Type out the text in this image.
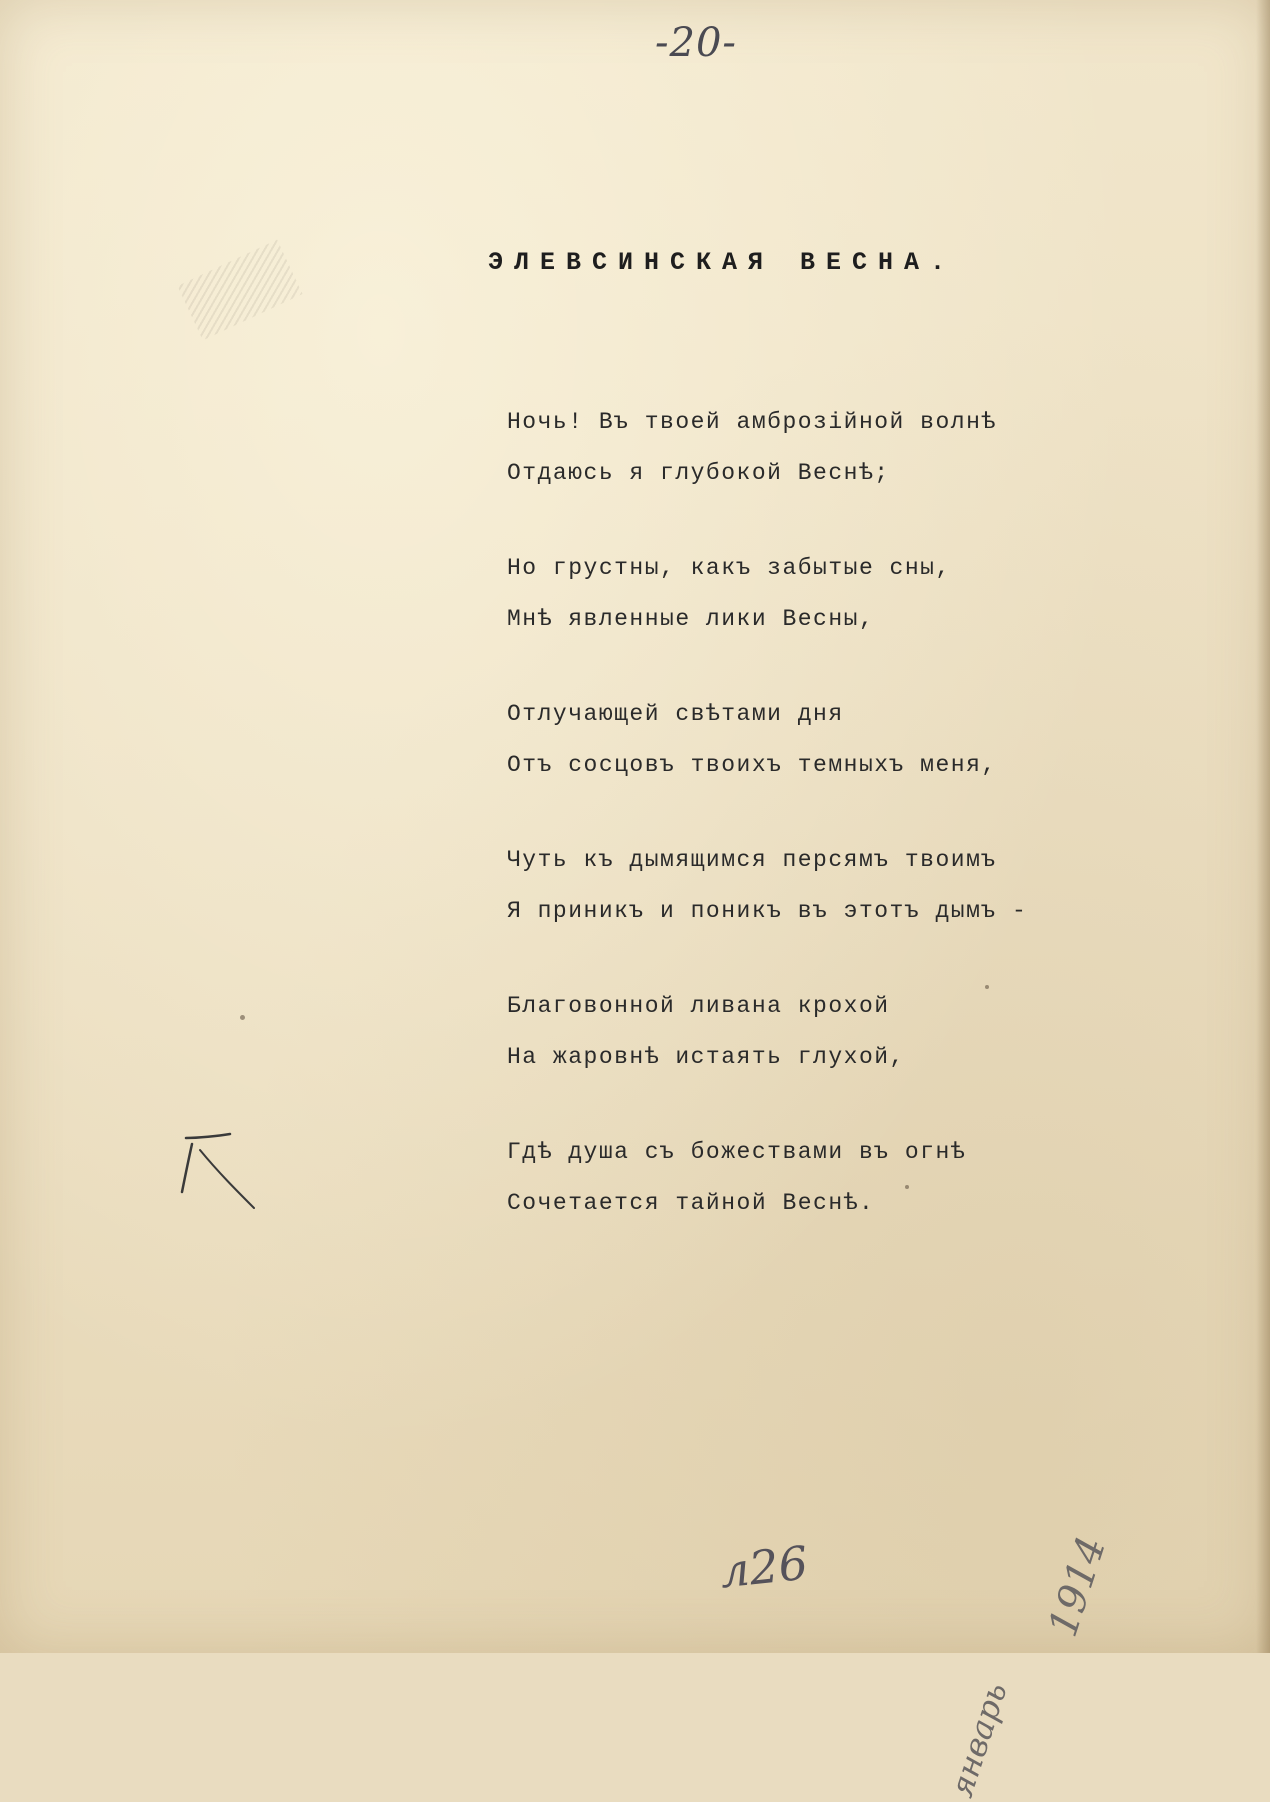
-20-
ЭЛЕВСИНСКАЯ ВЕСНА.
Ночь! Въ твоей амброзійной волнѣ
Отдаюсь я глубокой Веснѣ;
Но грустны, какъ забытые сны,
Мнѣ явленные лики Весны,
Отлучающей свѣтами дня
Отъ сосцовъ твоихъ темныхъ меня,
Чуть къ дымящимся персямъ твоимъ
Я приникъ и поникъ въ этотъ дымъ -
Благовонной ливана крохой
На жаровнѣ истаять глухой,
Гдѣ душа съ божествами въ огнѣ
Сочетается тайной Веснѣ.
1914
январь
л26
